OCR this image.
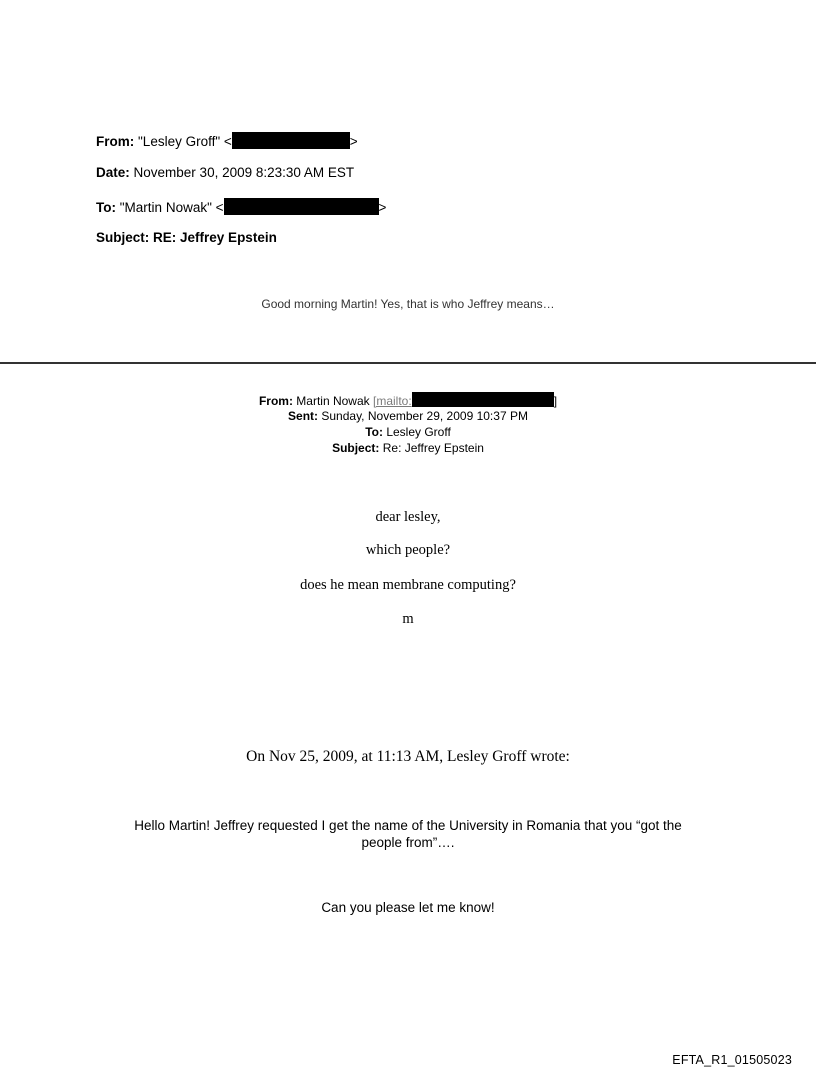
From: "Lesley Groff" <	>
Date: November 30, 2009 8:23:30 AM EST
To: "Martin Nowak" <	>
Subject: RE: Jeffrey Epstein
Good morning Martin! Yes, that is who Jeffrey means…
From: Martin Nowak [mailto:	]
Sent: Sunday, November 29, 2009 10:37 PM
To: Lesley Groff
Subject: Re: Jeffrey Epstein
dear lesley,
which people?
does he mean membrane computing?
m
On Nov 25, 2009, at 11:13 AM, Lesley Groff wrote:
Hello Martin! Jeffrey requested I get the name of the University in Romania that you “got the
people from”….
Can you please let me know!
EFTA_R1_01505023
